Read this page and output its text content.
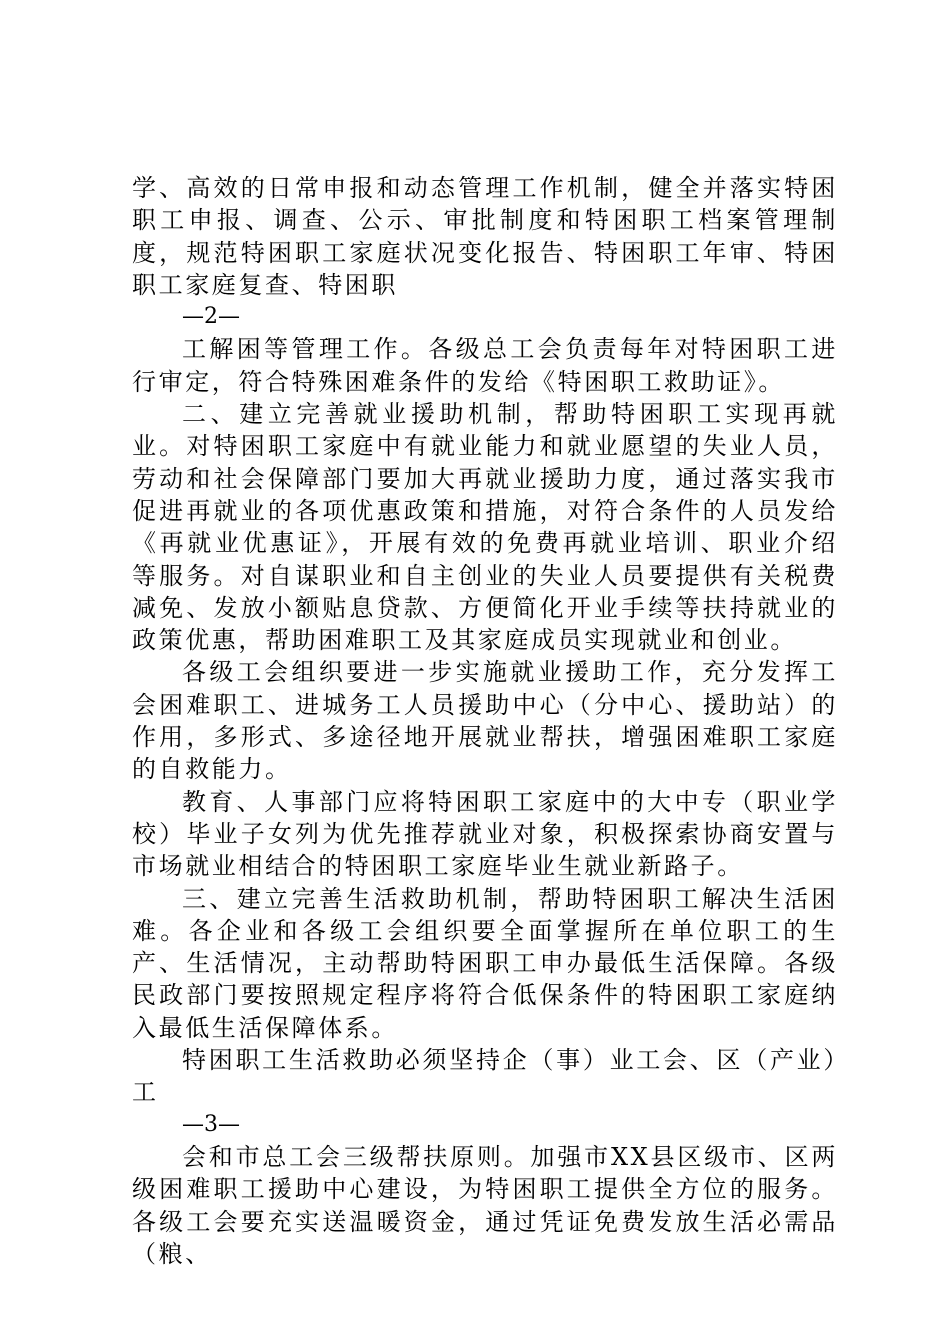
学、高效的日常申报和动态管理工作机制，健全并落实特困职工申报、调查、公示、审批制度和特困职工档案管理制度，规范特困职工家庭状况变化报告、特困职工年审、特困职工家庭复查、特困职

—2—

工解困等管理工作。各级总工会负责每年对特困职工进行审定，符合特殊困难条件的发给《特困职工救助证》。

二、建立完善就业援助机制，帮助特困职工实现再就业。对特困职工家庭中有就业能力和就业愿望的失业人员，劳动和社会保障部门要加大再就业援助力度，通过落实我市促进再就业的各项优惠政策和措施，对符合条件的人员发给《再就业优惠证》，开展有效的免费再就业培训、职业介绍等服务。对自谋职业和自主创业的失业人员要提供有关税费减免、发放小额贴息贷款、方便简化开业手续等扶持就业的政策优惠，帮助困难职工及其家庭成员实现就业和创业。

各级工会组织要进一步实施就业援助工作，充分发挥工会困难职工、进城务工人员援助中心（分中心、援助站）的作用，多形式、多途径地开展就业帮扶，增强困难职工家庭的自救能力。

教育、人事部门应将特困职工家庭中的大中专（职业学校）毕业子女列为优先推荐就业对象，积极探索协商安置与市场就业相结合的特困职工家庭毕业生就业新路子。

三、建立完善生活救助机制，帮助特困职工解决生活困难。各企业和各级工会组织要全面掌握所在单位职工的生产、生活情况，主动帮助特困职工申办最低生活保障。各级民政部门要按照规定程序将符合低保条件的特困职工家庭纳入最低生活保障体系。

特困职工生活救助必须坚持企（事）业工会、区（产业）工

—3—

会和市总工会三级帮扶原则。加强市XX县区级市、区两级困难职工援助中心建设，为特困职工提供全方位的服务。各级工会要充实送温暖资金，通过凭证免费发放生活必需品（粮、
